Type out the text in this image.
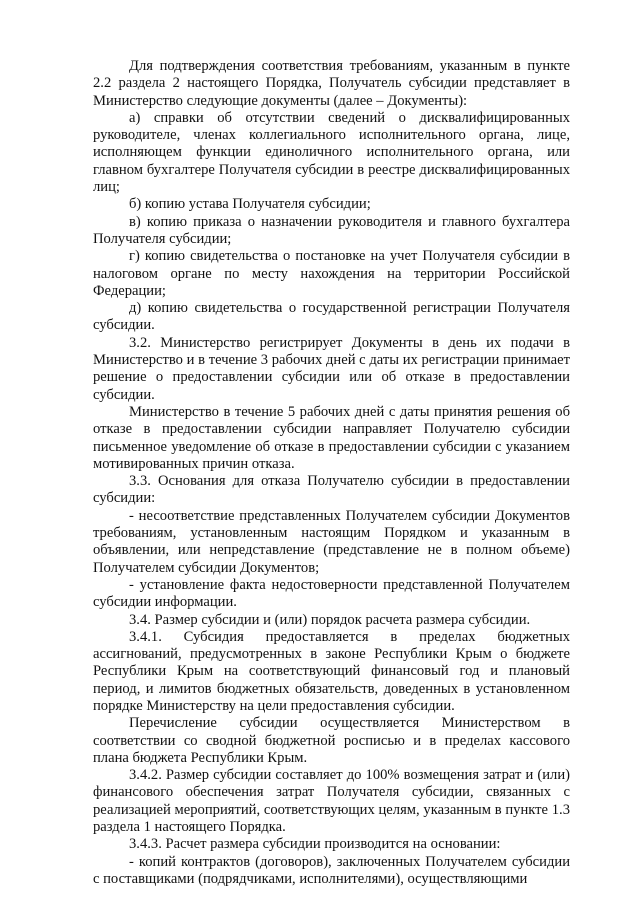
Для подтверждения соответствия требованиям, указанным в пункте 2.2 раздела 2 настоящего Порядка, Получатель субсидии представляет в Министерство следующие документы (далее – Документы):

а) справки об отсутствии сведений о дисквалифицированных руководителе, членах коллегиального исполнительного органа, лице, исполняющем функции единоличного исполнительного органа, или главном бухгалтере Получателя субсидии в реестре дисквалифицированных лиц;

б) копию устава Получателя субсидии;

в) копию приказа о назначении руководителя и главного бухгалтера Получателя субсидии;

г) копию свидетельства о постановке на учет Получателя субсидии в налоговом органе по месту нахождения на территории Российской Федерации;

д) копию свидетельства о государственной регистрации Получателя субсидии.

3.2. Министерство регистрирует Документы в день их подачи в Министерство и в течение 3 рабочих дней с даты их регистрации принимает решение о предоставлении субсидии или об отказе в предоставлении субсидии.

Министерство в течение 5 рабочих дней с даты принятия решения об отказе в предоставлении субсидии направляет Получателю субсидии письменное уведомление об отказе в предоставлении субсидии с указанием мотивированных причин отказа.

3.3. Основания для отказа Получателю субсидии в предоставлении субсидии:

- несоответствие представленных Получателем субсидии Документов требованиям, установленным настоящим Порядком и указанным в объявлении, или непредставление (представление не в полном объеме) Получателем субсидии Документов;

- установление факта недостоверности представленной Получателем субсидии информации.

3.4. Размер субсидии и (или) порядок расчета размера субсидии.

3.4.1. Субсидия предоставляется в пределах бюджетных ассигнований, предусмотренных в законе Республики Крым о бюджете Республики Крым на соответствующий финансовый год и плановый период, и лимитов бюджетных обязательств, доведенных в установленном порядке Министерству на цели предоставления субсидии.

Перечисление субсидии осуществляется Министерством в соответствии со сводной бюджетной росписью и в пределах кассового плана бюджета Республики Крым.

3.4.2. Размер субсидии составляет до 100% возмещения затрат и (или) финансового обеспечения затрат Получателя субсидии, связанных с реализацией мероприятий, соответствующих целям, указанным в пункте 1.3 раздела 1 настоящего Порядка.

3.4.3. Расчет размера субсидии производится на основании:

- копий контрактов (договоров), заключенных Получателем субсидии с поставщиками (подрядчиками, исполнителями), осуществляющими
